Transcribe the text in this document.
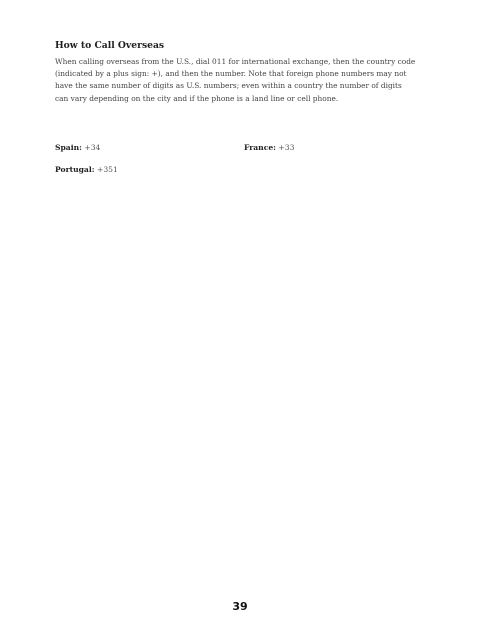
How to Call Overseas
When calling overseas from the U.S., dial 011 for international exchange, then the country code
(indicated by a plus sign: +), and then the number. Note that foreign phone numbers may not
have the same number of digits as U.S. numbers; even within a country the number of digits
can vary depending on the city and if the phone is a land line or cell phone.
Spain: +34	France: +33
Portugal: +351
39
